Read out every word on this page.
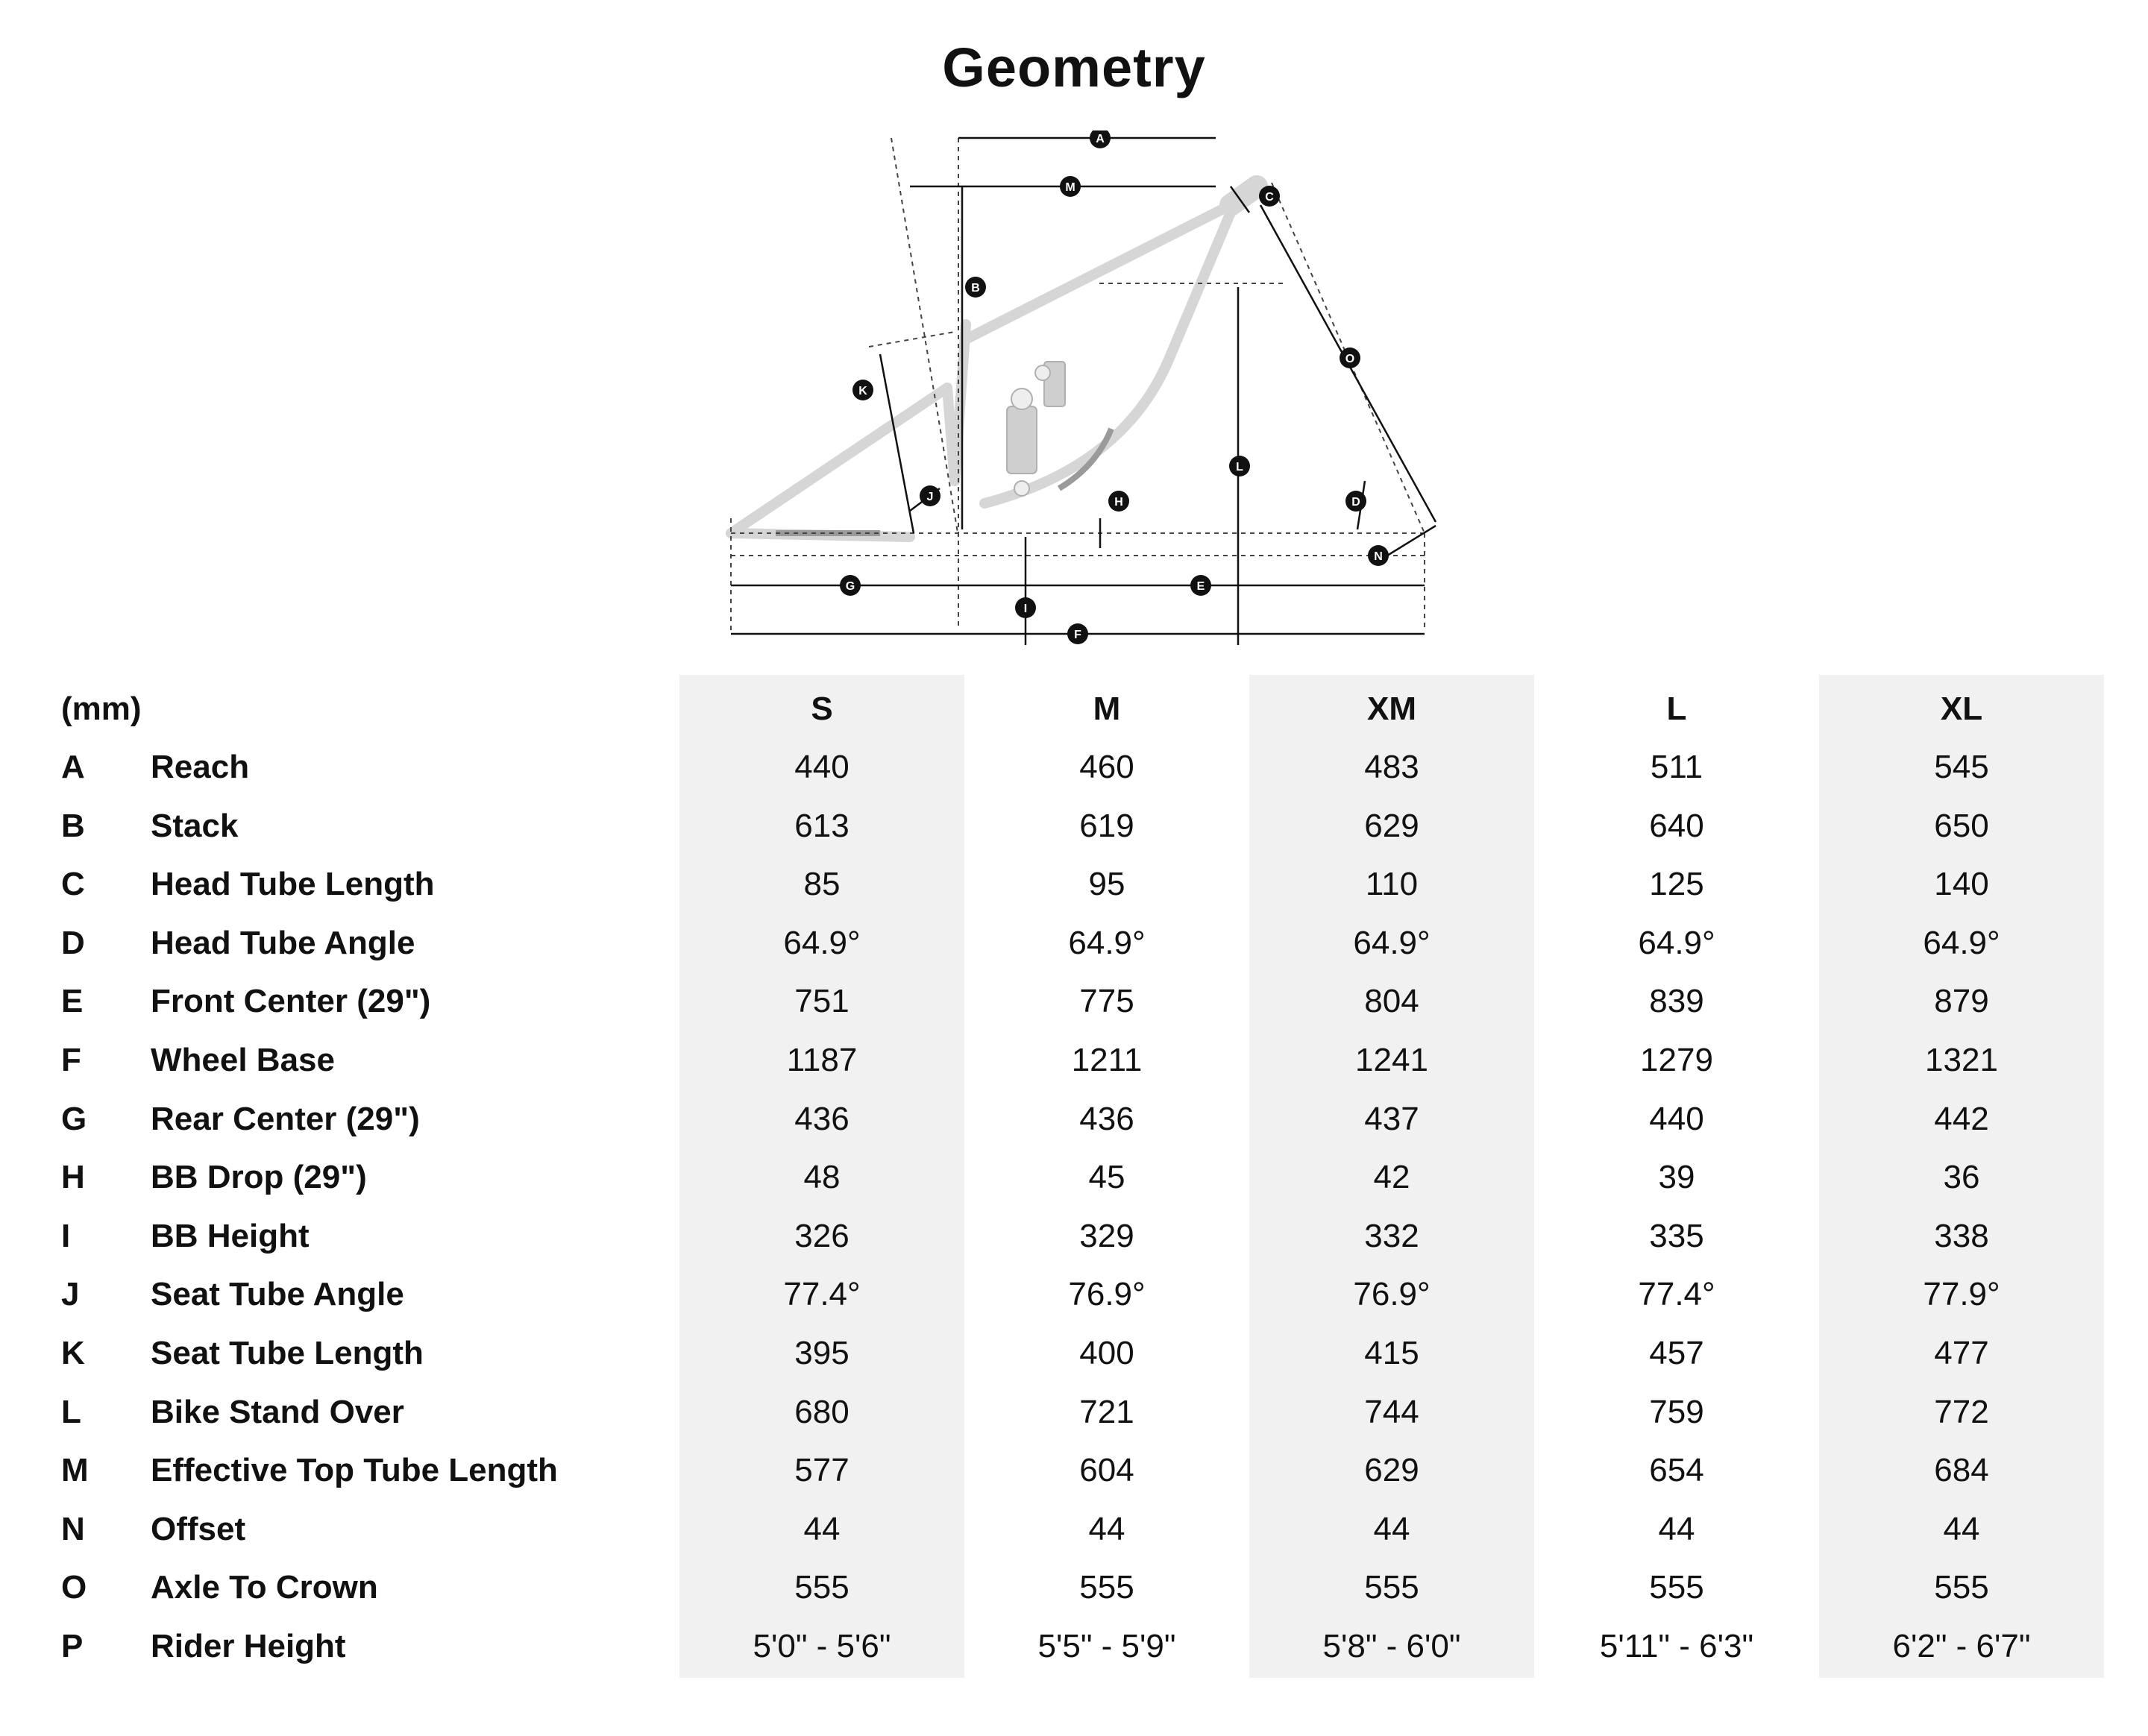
Geometry
A
M
C
B
O
K
L
J	H	D
N
G	E
I
F
(mm)	S	M	XM	L	XL
A Reach	440	460	483	511	545
B Stack	613	619	629	640	650
C Head Tube Length	85	95	110	125	140
D Head Tube Angle	64.9°	64.9°	64.9°	64.9°	64.9°
E Front Center (29")	751	775	804	839	879
F Wheel Base	1187	1211	1241	1279	1321
G Rear Center (29")	436	436	437	440	442
H BB Drop (29")	48	45	42	39	36
I BB Height	326	329	332	335	338
J Seat Tube Angle	77.4°	76.9°	76.9°	77.4°	77.9°
K Seat Tube Length	395	400	415	457	477
L Bike Stand Over	680	721	744	759	772
M Effective Top Tube Length	577	604	629	654	684
N Offset	44	44	44	44	44
O Axle To Crown	555	555	555	555	555
P Rider Height	5'0" - 5'6"	5'5" - 5'9"	5'8" - 6'0"	5'11" - 6'3"	6'2" - 6'7"
